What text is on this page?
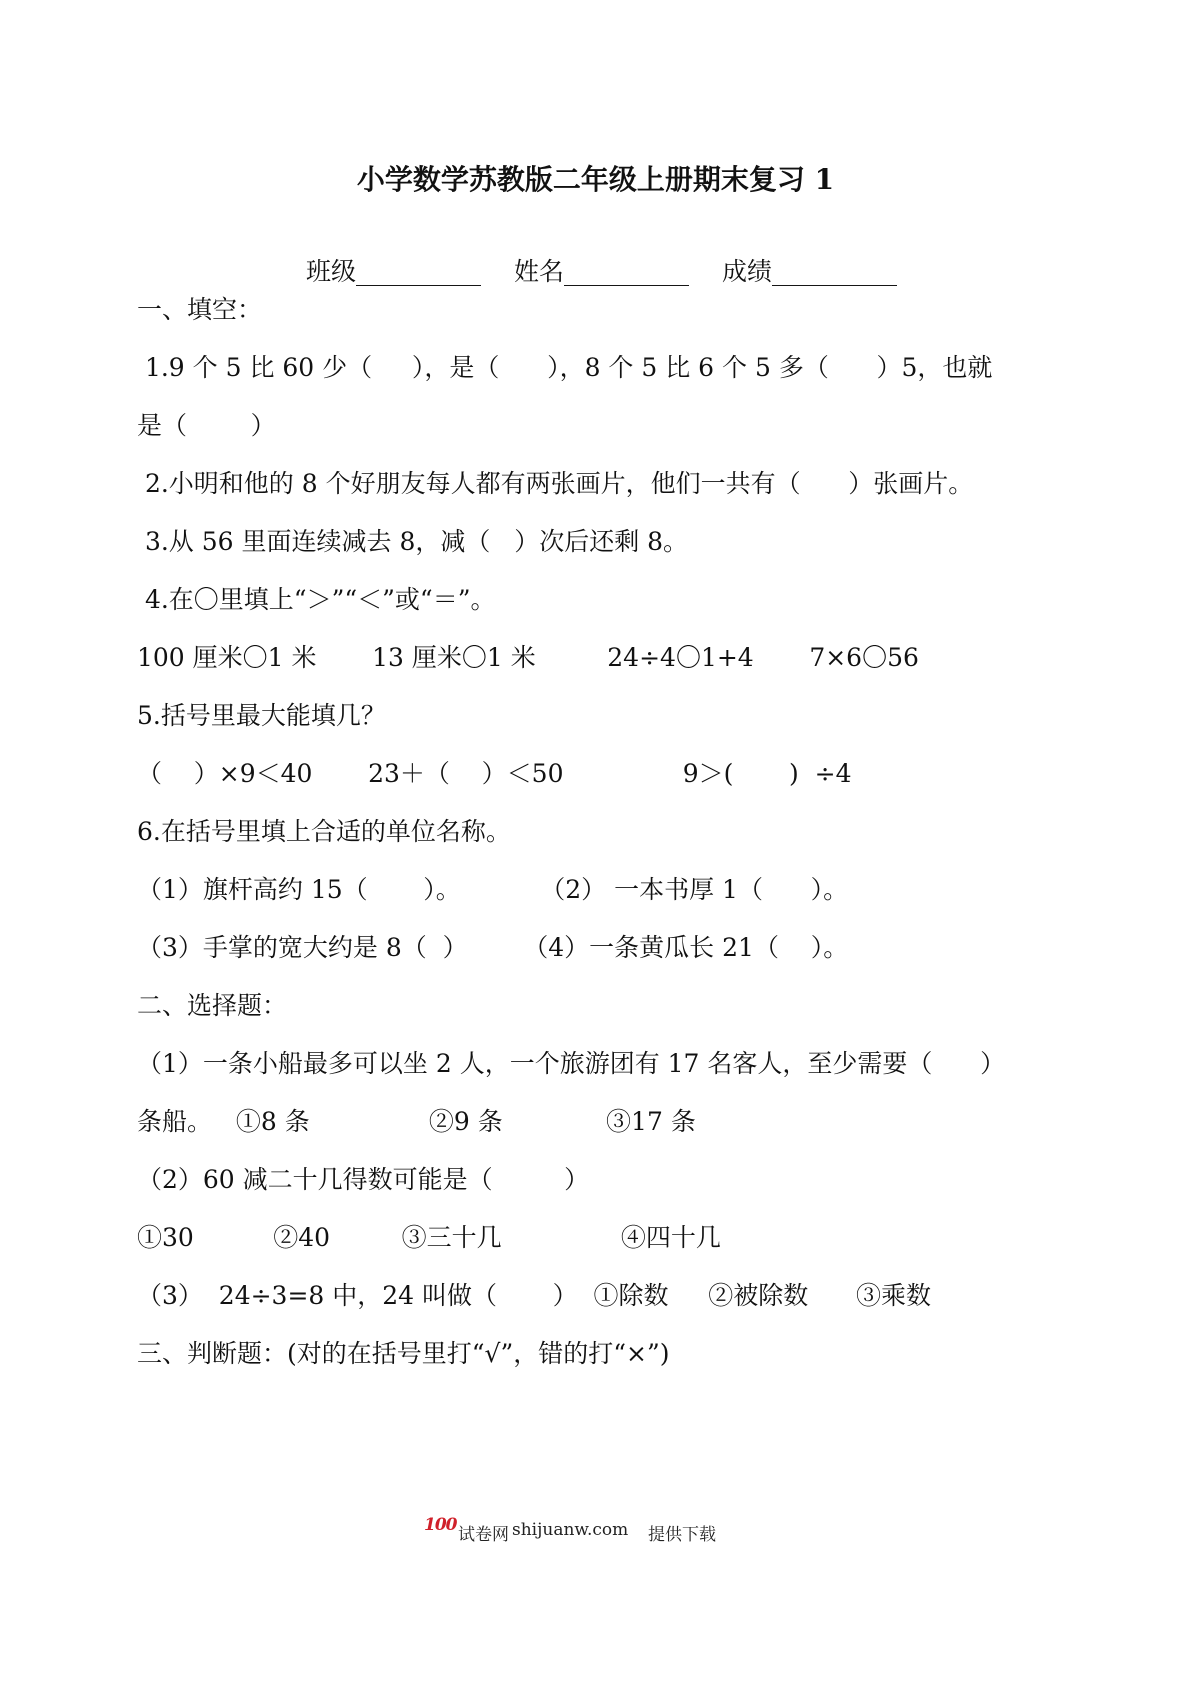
小学数学苏教版二年级上册期末复习 1
班级__________ 姓名__________ 成绩__________
一、填空：
1.9 个 5 比 60 少（     ），是（      ），8 个 5 比 6 个 5 多（      ）5，也就
是（        ）
2.小明和他的 8 个好朋友每人都有两张画片，他们一共有（      ）张画片。
3.从 56 里面连续减去 8，减（   ）次后还剩 8。
4.在〇里填上“＞”“＜”或“＝”。
100 厘米〇1 米       13 厘米〇1 米         24÷4〇1+4       7×6〇56
5.括号里最大能填几？
（    ）×9＜40       23＋（    ）＜50               9＞(       )  ÷4
6.在括号里填上合适的单位名称。
（1）旗杆高约 15（       ）。          （2） 一本书厚 1（      ）。
（3）手掌的宽大约是 8（  ）       （4）一条黄瓜长 21（    ）。
二、选择题：
（1）一条小船最多可以坐 2 人，一个旅游团有 17 名客人，至少需要（      ）
条船。   ①8 条               ②9 条             ③17 条
（2）60 减二十几得数可能是（         ）
①30          ②40         ③三十几               ④四十几
（3）  24÷3=8 中，24 叫做（       ）  ①除数     ②被除数      ③乘数
三、判断题：(对的在括号里打“√”，错的打“×”)
100 试卷网 shijuanw.com 提供下载
